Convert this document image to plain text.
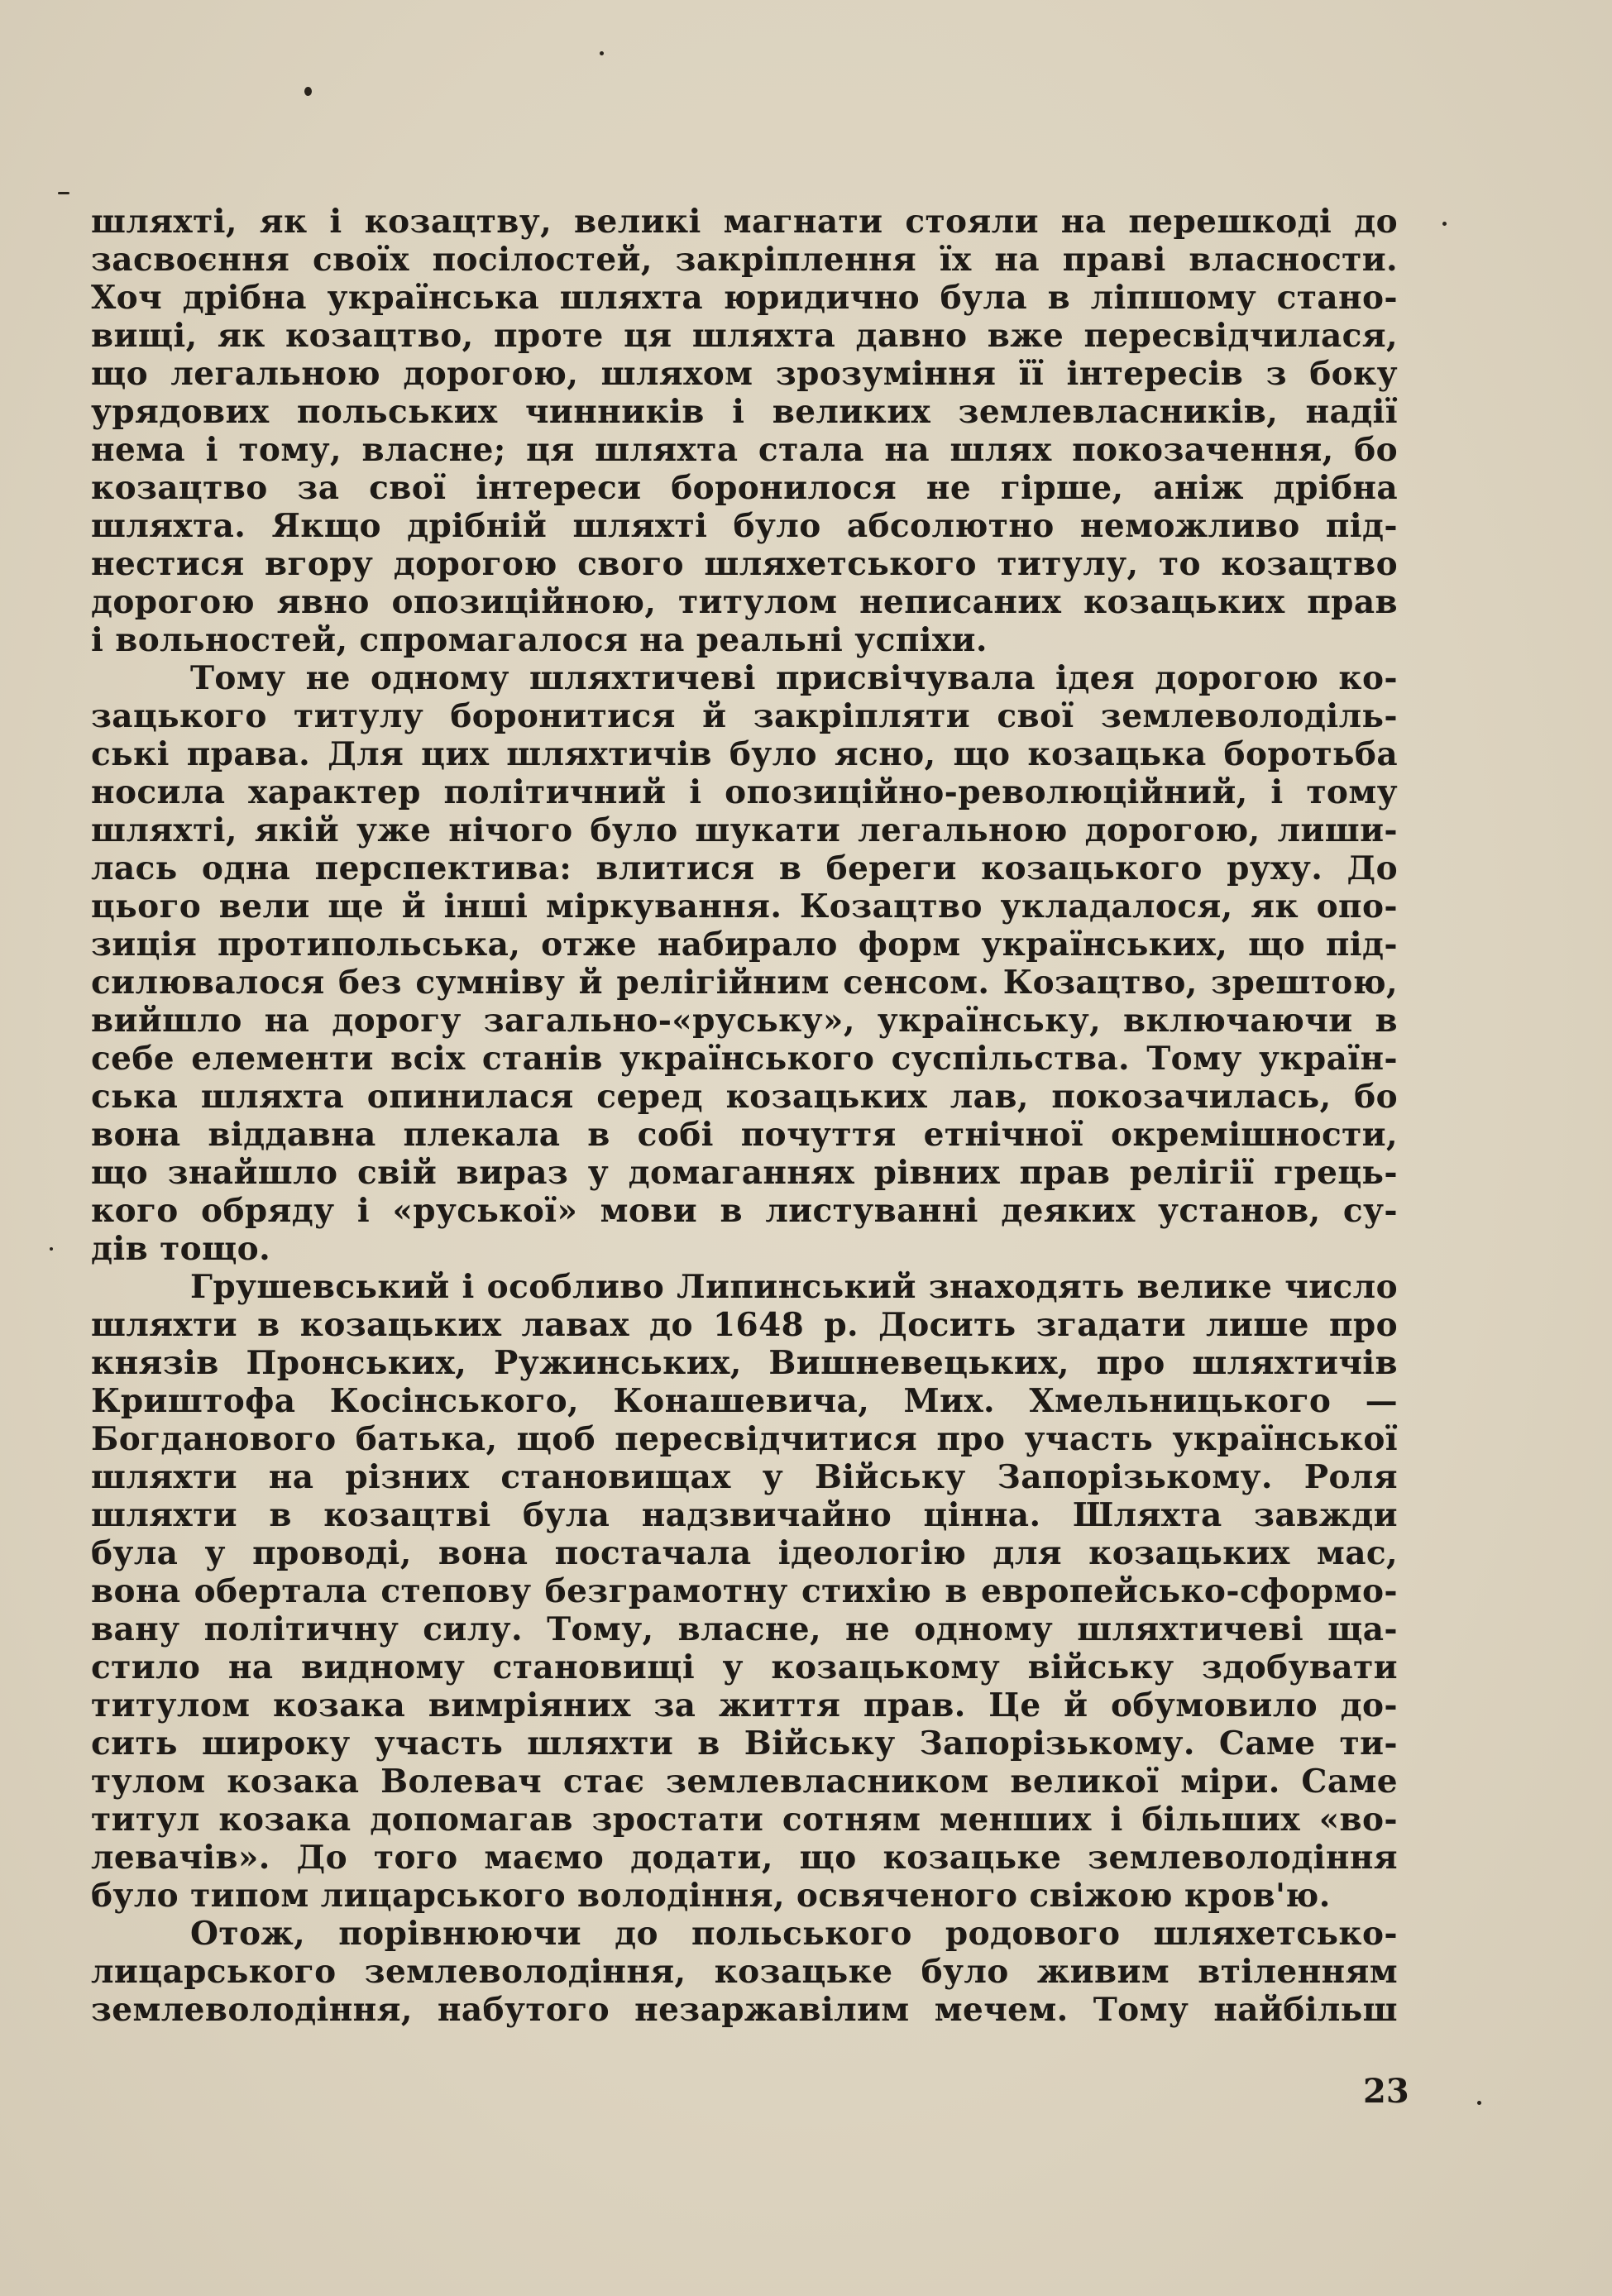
шляхті, як і козацтву, великі магнати стояли на перешкоді до
засвоєння своїх посілостей, закріплення їх на праві власности.
Хоч дрібна українська шляхта юридично була в ліпшому стано-
вищі, як козацтво, проте ця шляхта давно вже пересвідчилася,
що легальною дорогою, шляхом зрозуміння її інтересів з боку
урядових польських чинників і великих землевласників, надії
нема і тому, власне; ця шляхта стала на шлях покозачення, бо
козацтво за свої інтереси боронилося не гірше, аніж дрібна
шляхта. Якщо дрібній шляхті було абсолютно неможливо під-
нестися вгору дорогою свого шляхетського титулу, то козацтво
дорогою явно опозиційною, титулом неписаних козацьких прав
і вольностей, спромагалося на реальні успіхи.
Тому не одному шляхтичеві присвічувала ідея дорогою ко-
зацького титулу боронитися й закріпляти свої землеволоділь-
ські права. Для цих шляхтичів було ясно, що козацька боротьба
носила характер політичний і опозиційно-революційний, і тому
шляхті, якій уже нічого було шукати легальною дорогою, лиши-
лась одна перспектива: влитися в береги козацького руху. До
цього вели ще й інші міркування. Козацтво укладалося, як опо-
зиція протипольська, отже набирало форм українських, що під-
силювалося без сумніву й релігійним сенсом. Козацтво, зрештою,
вийшло на дорогу загально-«руську», українську, включаючи в
себе елементи всіх станів українського суспільства. Тому україн-
ська шляхта опинилася серед козацьких лав, покозачилась, бо
вона віддавна плекала в собі почуття етнічної окремішности,
що знайшло свій вираз у домаганнях рівних прав релігії грець-
кого обряду і «руської» мови в листуванні деяких установ, су-
дів тощо.
Грушевський і особливо Липинський знаходять велике число
шляхти в козацьких лавах до 1648 р. Досить згадати лише про
князів Пронських, Ружинських, Вишневецьких, про шляхтичів
Криштофа Косінського, Конашевича, Мих. Хмельницького —
Богданового батька, щоб пересвідчитися про участь української
шляхти на різних становищах у Війську Запорізькому. Роля
шляхти в козацтві була надзвичайно цінна. Шляхта завжди
була у проводі, вона постачала ідеологію для козацьких мас,
вона обертала степову безграмотну стихію в европейсько-сформо-
вану політичну силу. Тому, власне, не одному шляхтичеві ща-
стило на видному становищі у козацькому війську здобувати
титулом козака вимріяних за життя прав. Це й обумовило до-
сить широку участь шляхти в Війську Запорізькому. Саме ти-
тулом козака Волевач стає землевласником великої міри. Саме
титул козака допомагав зростати сотням менших і більших «во-
левачів». До того маємо додати, що козацьке землеволодіння
було типом лицарського володіння, освяченого свіжою кров'ю.
Отож, порівнюючи до польського родового шляхетсько-
лицарського землеволодіння, козацьке було живим втіленням
землеволодіння, набутого незаржавілим мечем. Тому найбільш
23
